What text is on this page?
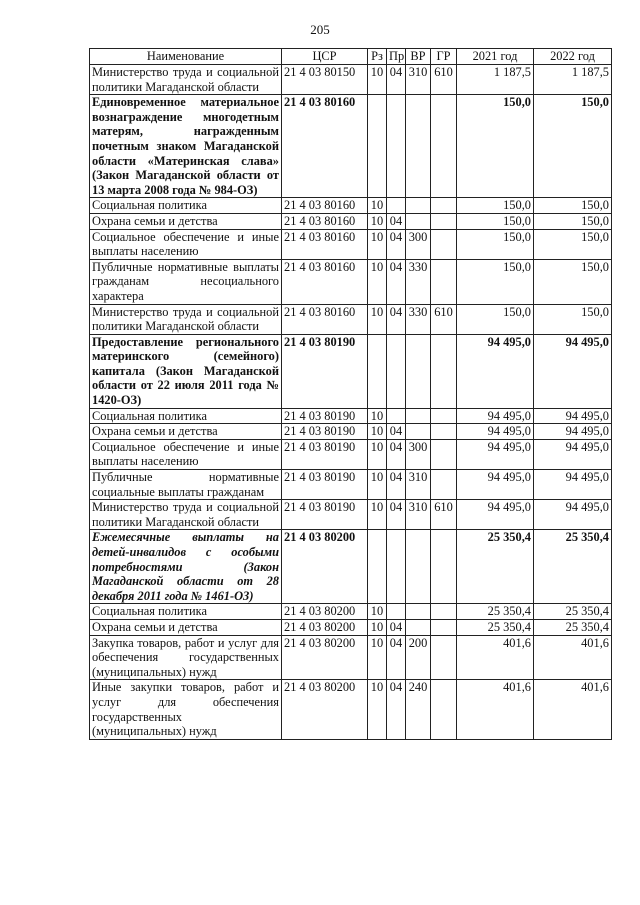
205
Наименование	ЦСР	Рз	Пр	ВР	ГР	2021 год	2022 год
Министерство труда и социальной политики Магаданской области	21 4 03 80150	10	04	310	610	1 187,5	1 187,5
Единовременное материальное вознаграждение многодетным матерям, награжденным почетным знаком Магаданской области «Материнская слава» (Закон Магаданской области от 13 марта 2008 года № 984-ОЗ)	21 4 03 80160					150,0	150,0
Социальная политика	21 4 03 80160	10				150,0	150,0
Охрана семьи и детства	21 4 03 80160	10	04			150,0	150,0
Социальное обеспечение и иные выплаты населению	21 4 03 80160	10	04	300		150,0	150,0
Публичные нормативные выплаты гражданам несоциального характера	21 4 03 80160	10	04	330		150,0	150,0
Министерство труда и социальной политики Магаданской области	21 4 03 80160	10	04	330	610	150,0	150,0
Предоставление регионального материнского (семейного) капитала (Закон Магаданской области от 22 июля 2011 года № 1420-ОЗ)	21 4 03 80190					94 495,0	94 495,0
Социальная политика	21 4 03 80190	10				94 495,0	94 495,0
Охрана семьи и детства	21 4 03 80190	10	04			94 495,0	94 495,0
Социальное обеспечение и иные выплаты населению	21 4 03 80190	10	04	300		94 495,0	94 495,0
Публичные нормативные социальные выплаты гражданам	21 4 03 80190	10	04	310		94 495,0	94 495,0
Министерство труда и социальной политики Магаданской области	21 4 03 80190	10	04	310	610	94 495,0	94 495,0
Ежемесячные выплаты на детей-инвалидов с особыми потребностями (Закон Магаданской области от 28 декабря 2011 года № 1461-ОЗ)	21 4 03 80200					25 350,4	25 350,4
Социальная политика	21 4 03 80200	10				25 350,4	25 350,4
Охрана семьи и детства	21 4 03 80200	10	04			25 350,4	25 350,4
Закупка товаров, работ и услуг для обеспечения государственных (муниципальных) нужд	21 4 03 80200	10	04	200		401,6	401,6
Иные закупки товаров, работ и услуг для обеспечения государственных (муниципальных) нужд	21 4 03 80200	10	04	240		401,6	401,6
